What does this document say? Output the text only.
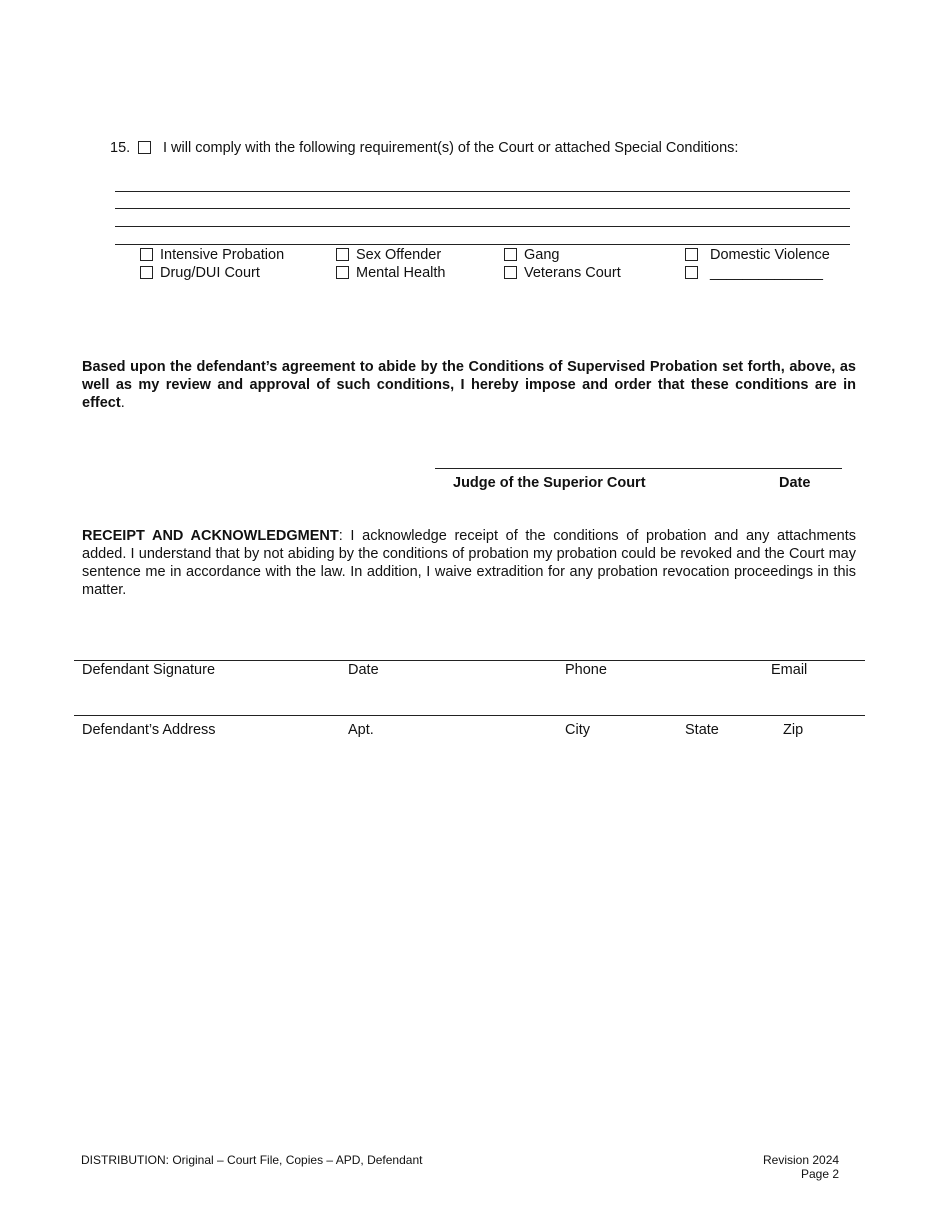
15. I will comply with the following requirement(s) of the Court or attached Special Conditions:
Intensive Probation	Sex Offender	Gang	Domestic Violence
Drug/DUI Court	Mental Health	Veterans Court	______________
Based upon the defendant’s agreement to abide by the Conditions of Supervised Probation set forth, above, as well as my review and approval of such conditions, I hereby impose and order that these conditions are in effect.
Judge of the Superior Court	Date
RECEIPT AND ACKNOWLEDGMENT: I acknowledge receipt of the conditions of probation and any attachments added. I understand that by not abiding by the conditions of probation my probation could be revoked and the Court may sentence me in accordance with the law. In addition, I waive extradition for any probation revocation proceedings in this matter.
Defendant Signature	Date	Phone	Email
Defendant’s Address	Apt.	City	State	Zip
DISTRIBUTION: Original – Court File, Copies – APD, Defendant	Revision 2024
Page 2
